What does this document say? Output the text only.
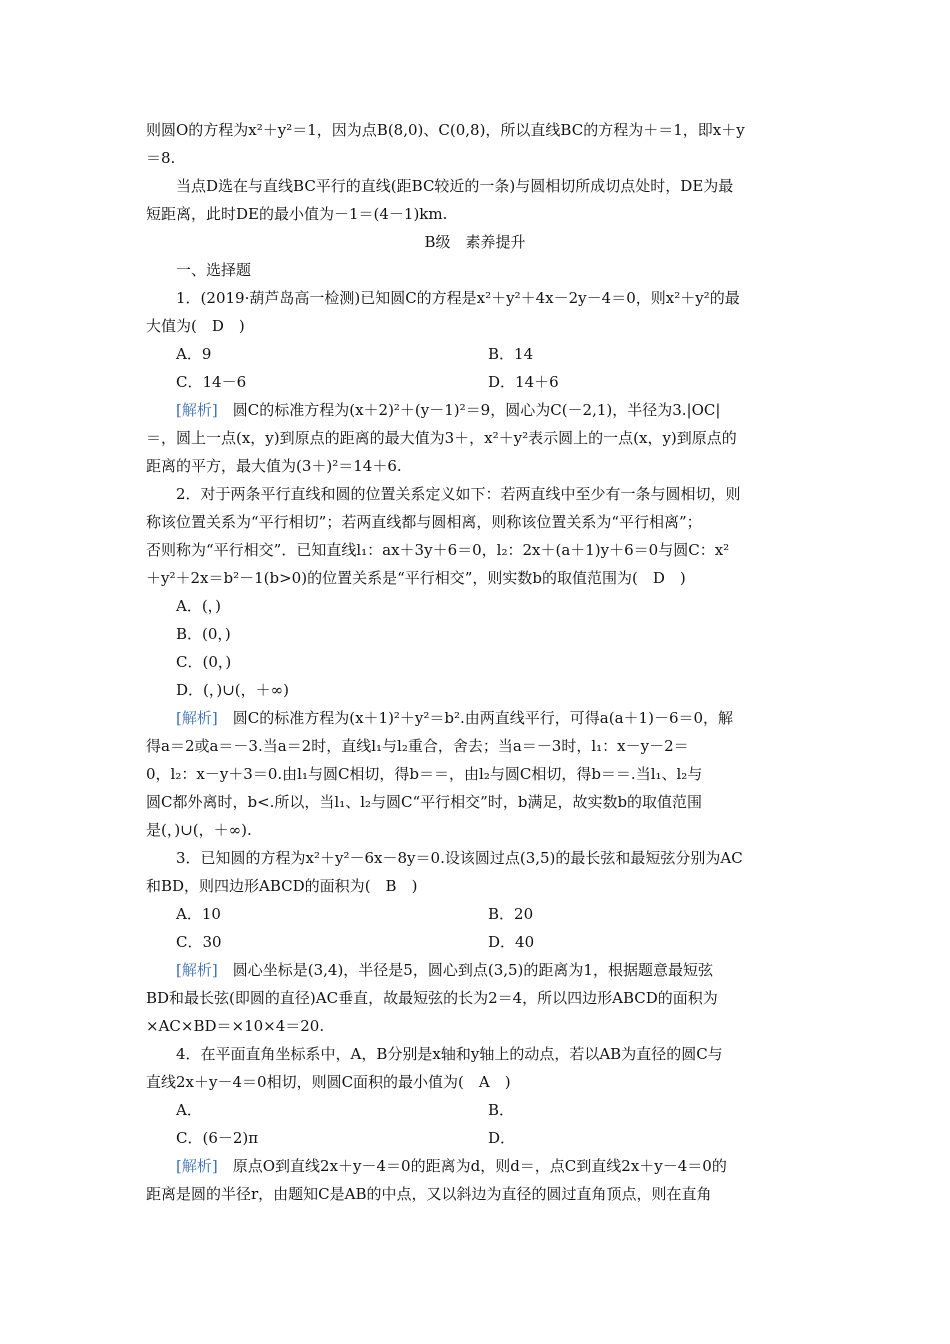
则圆O的方程为x²＋y²＝1，因为点B(8,0)、C(0,8)，所以直线BC的方程为＋＝1，即x＋y
＝8.
当点D选在与直线BC平行的直线(距BC较近的一条)与圆相切所成切点处时，DE为最
短距离，此时DE的最小值为－1＝(4－1)km.
B级　素养提升
一、选择题
1．(2019·葫芦岛高一检测)已知圆C的方程是x²＋y²＋4x－2y－4＝0，则x²＋y²的最
大值为(　D　)
A．9	B．14
C．14－6	D．14＋6
[解析]　 圆C的标准方程为(x＋2)²＋(y－1)²＝9，圆心为C(－2,1)，半径为3.|OC|
＝，圆上一点(x，y)到原点的距离的最大值为3＋，x²＋y²表示圆上的一点(x，y)到原点的
距离的平方，最大值为(3＋)²＝14＋6.
2．对于两条平行直线和圆的位置关系定义如下：若两直线中至少有一条与圆相切，则
称该位置关系为“平行相切”；若两直线都与圆相离，则称该位置关系为“平行相离”；
否则称为“平行相交”．已知直线l₁：ax＋3y＋6＝0，l₂：2x＋(a＋1)y＋6＝0与圆C：x²
＋y²＋2x＝b²－1(b>0)的位置关系是“平行相交”，则实数b的取值范围为(　D　)
A．(，)
B．(0，)
C．(0，)
D．(，)∪(，＋∞)
[解析]　 圆C的标准方程为(x＋1)²＋y²＝b².由两直线平行，可得a(a＋1)－6＝0，解
得a＝2或a＝－3.当a＝2时，直线l₁与l₂重合，舍去；当a＝－3时，l₁：x－y－2＝
0，l₂：x－y＋3＝0.由l₁与圆C相切，得b＝＝，由l₂与圆C相切，得b＝＝.当l₁、l₂与
圆C都外离时，b<.所以，当l₁、l₂与圆C“平行相交”时，b满足，故实数b的取值范围
是(，)∪(，＋∞).
3．已知圆的方程为x²＋y²－6x－8y＝0.设该圆过点(3,5)的最长弦和最短弦分别为AC
和BD，则四边形ABCD的面积为(　B　)
A．10	B．20
C．30	D．40
[解析]　 圆心坐标是(3,4)，半径是5，圆心到点(3,5)的距离为1，根据题意最短弦
BD和最长弦(即圆的直径)AC垂直，故最短弦的长为2＝4，所以四边形ABCD的面积为
×AC×BD＝×10×4＝20.
4．在平面直角坐标系中，A，B分别是x轴和y轴上的动点，若以AB为直径的圆C与
直线2x＋y－4＝0相切，则圆C面积的最小值为(　A　)
A．	B．
C．(6－2)π	D．
[解析]　 原点O到直线2x＋y－4＝0的距离为d，则d＝，点C到直线2x＋y－4＝0的
距离是圆的半径r，由题知C是AB的中点，又以斜边为直径的圆过直角顶点，则在直角
